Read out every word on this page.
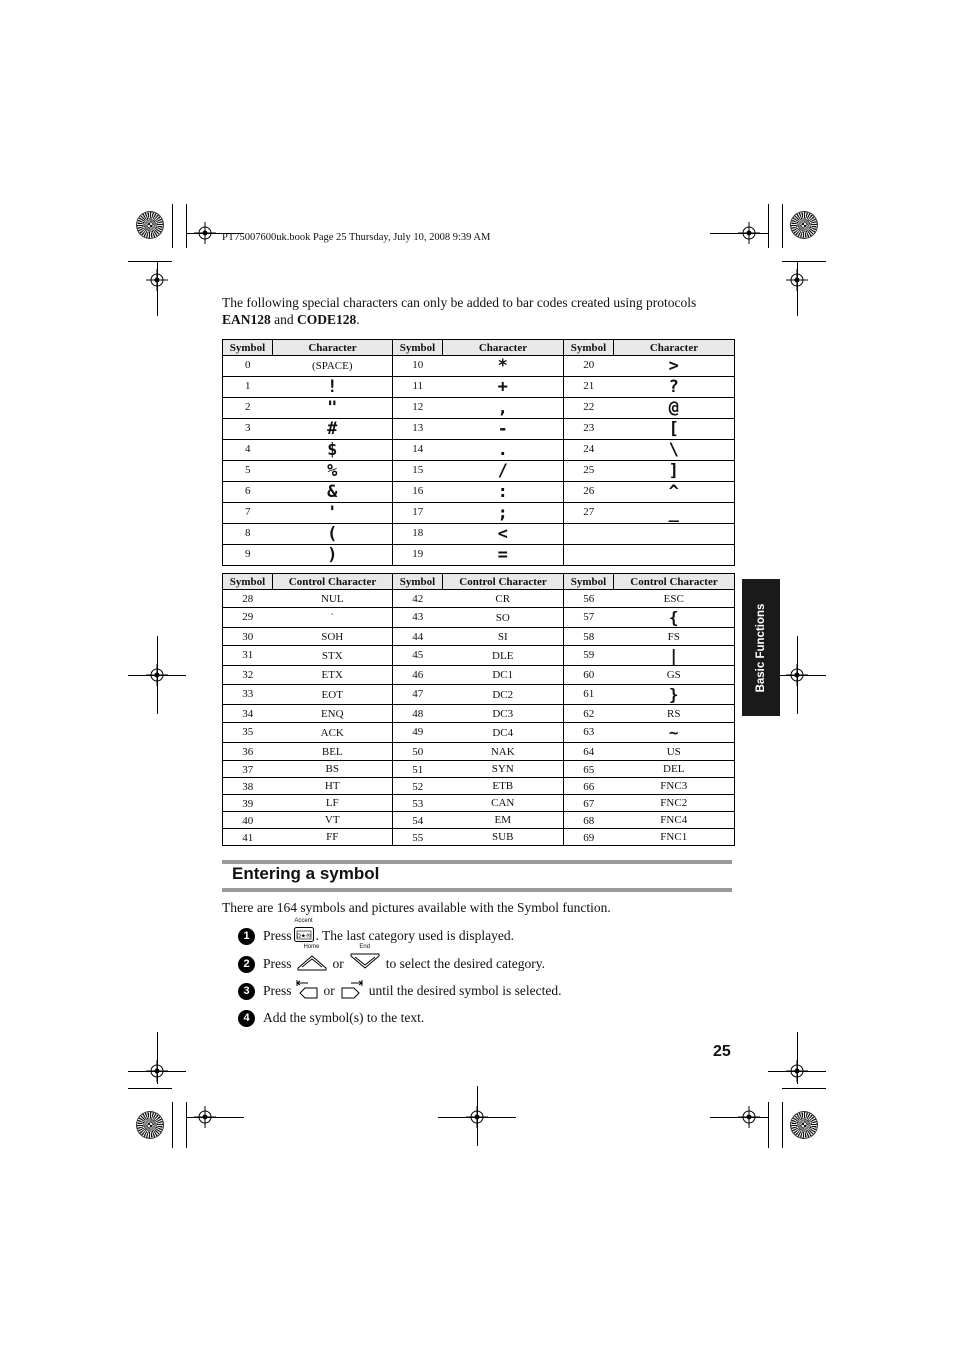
PT75007600uk.book Page 25 Thursday, July 10, 2008 9:39 AM
The following special characters can only be added to bar codes created using protocols EAN128 and CODE128.
Symbol	Character	Symbol	Character	Symbol	Character
0	(SPACE)	10	*	20	>
1	!	11	+	21	?
2	"	12	,	22	@
3	#	13	-	23	[
4	$	14	.	24	\
5	%	15	/	25	]
6	&	16	:	26	^
7	'	17	;	27	_
8	(	18	<		
9	)	19	=		
Symbol	Control Character	Symbol	Control Character	Symbol	Control Character
28	NUL	42	CR	56	ESC
29	`	43	SO	57	{
30	SOH	44	SI	58	FS
31	STX	45	DLE	59	|
32	ETX	46	DC1	60	GS
33	EOT	47	DC2	61	}
34	ENQ	48	DC3	62	RS
35	ACK	49	DC4	63	~
36	BEL	50	NAK	64	US
37	BS	51	SYN	65	DEL
38	HT	52	ETB	66	FNC3
39	LF	53	CAN	67	FNC2
40	VT	54	EM	68	FNC4
41	FF	55	SUB	69	FNC1
Basic Functions
Entering a symbol
There are 164 symbols and pictures available with the Symbol function.
1 Press
Accent
Ω★® . The last category used is displayed.
2 Press
Home
or
End
to select the desired category.
3 Press or	until the desired symbol is selected.
4 Add the symbol(s) to the text.
25
